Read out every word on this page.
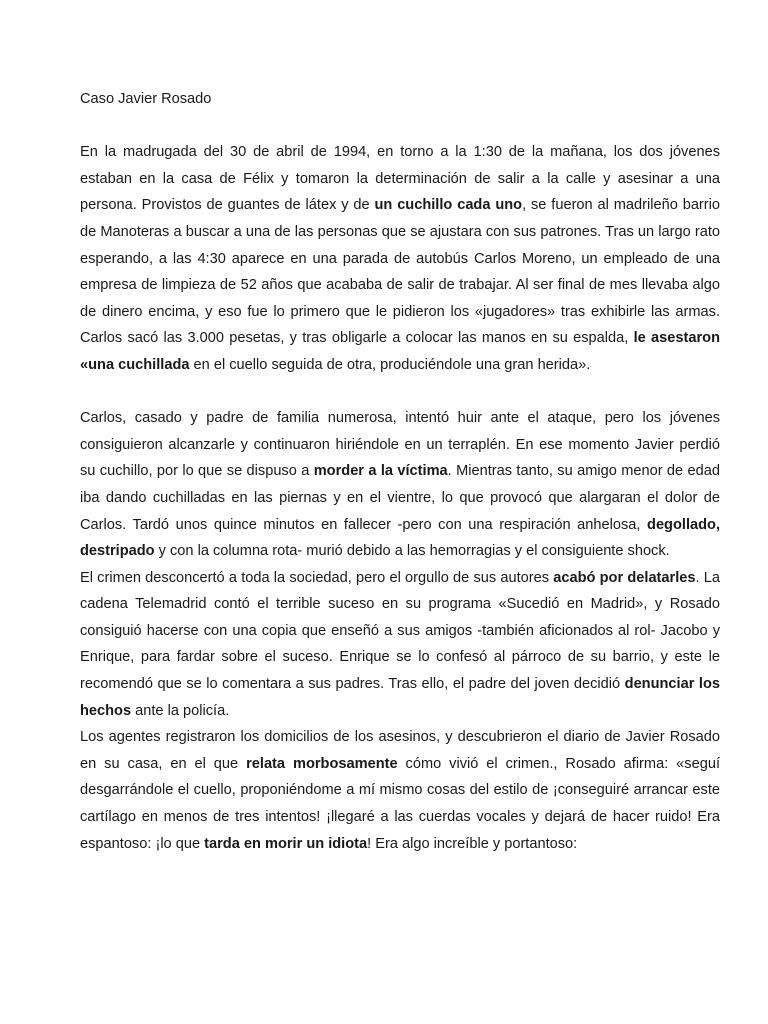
Caso Javier Rosado

En la madrugada del 30 de abril de 1994, en torno a la 1:30 de la mañana, los dos jóvenes estaban en la casa de Félix y tomaron la determinación de salir a la calle y asesinar a una persona. Provistos de guantes de látex y de un cuchillo cada uno, se fueron al madrileño barrio de Manoteras a buscar a una de las personas que se ajustara con sus patrones. Tras un largo rato esperando, a las 4:30 aparece en una parada de autobús Carlos Moreno, un empleado de una empresa de limpieza de 52 años que acababa de salir de trabajar. Al ser final de mes llevaba algo de dinero encima, y eso fue lo primero que le pidieron los «jugadores» tras exhibirle las armas. Carlos sacó las 3.000 pesetas, y tras obligarle a colocar las manos en su espalda, le asestaron «una cuchillada en el cuello seguida de otra, produciéndole una gran herida».

Carlos, casado y padre de familia numerosa, intentó huir ante el ataque, pero los jóvenes consiguieron alcanzarle y continuaron hiriéndole en un terraplén. En ese momento Javier perdió su cuchillo, por lo que se dispuso a morder a la víctima. Mientras tanto, su amigo menor de edad iba dando cuchilladas en las piernas y en el vientre, lo que provocó que alargaran el dolor de Carlos. Tardó unos quince minutos en fallecer -pero con una respiración anhelosa, degollado, destripado y con la columna rota- murió debido a las hemorragias y el consiguiente shock.

El crimen desconcertó a toda la sociedad, pero el orgullo de sus autores acabó por delatarles. La cadena Telemadrid contó el terrible suceso en su programa «Sucedió en Madrid», y Rosado consiguió hacerse con una copia que enseñó a sus amigos -también aficionados al rol- Jacobo y Enrique, para fardar sobre el suceso. Enrique se lo confesó al párroco de su barrio, y este le recomendó que se lo comentara a sus padres. Tras ello, el padre del joven decidió denunciar los hechos ante la policía.

Los agentes registraron los domicilios de los asesinos, y descubrieron el diario de Javier Rosado en su casa, en el que relata morbosamente cómo vivió el crimen., Rosado afirma: «seguí desgarrándole el cuello, proponiéndome a mí mismo cosas del estilo de ¡conseguiré arrancar este cartílago en menos de tres intentos! ¡llegaré a las cuerdas vocales y dejará de hacer ruido! Era espantoso: ¡lo que tarda en morir un idiota! Era algo increíble y portantoso:
